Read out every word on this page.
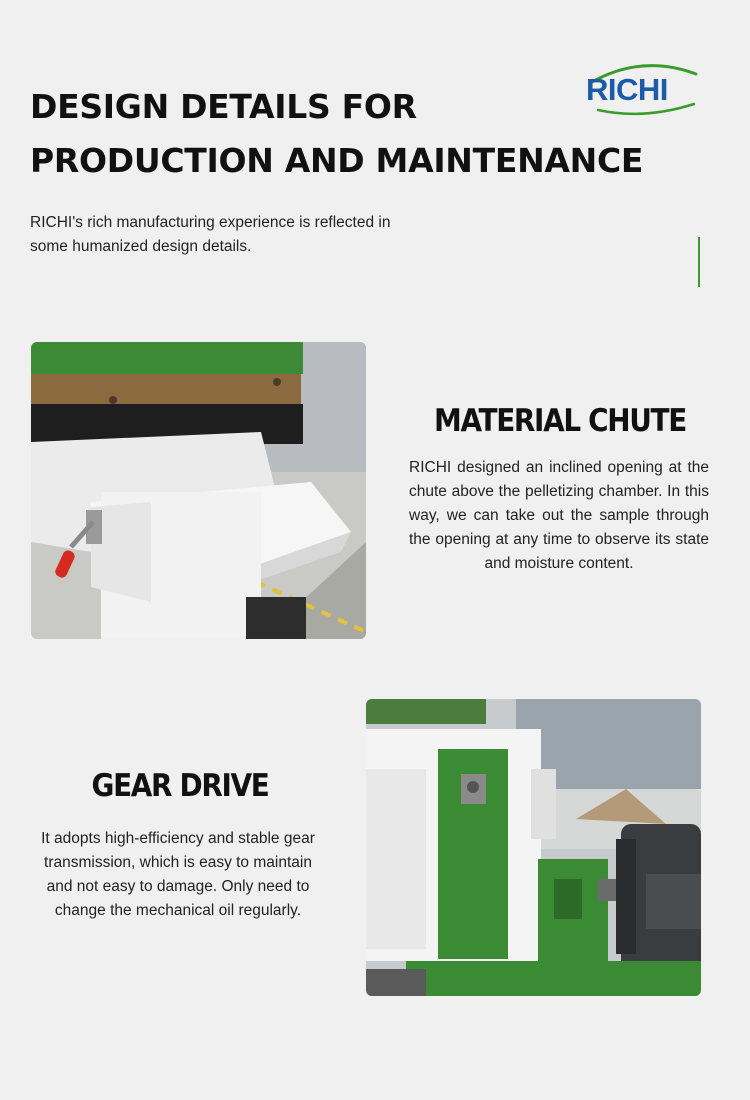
DESIGN DETAILS FOR
PRODUCTION AND MAINTENANCE
RICHI
RICHI's rich manufacturing experience is reflected in some humanized design details.
MATERIAL CHUTE
RICHI designed an inclined opening at the chute above the pelletizing chamber. In this way, we can take out the sample through the opening at any time to observe its state and moisture content.
GEAR DRIVE
It adopts high-efficiency and stable gear transmission, which is easy to maintain and not easy to damage. Only need to change the mechanical oil regularly.
